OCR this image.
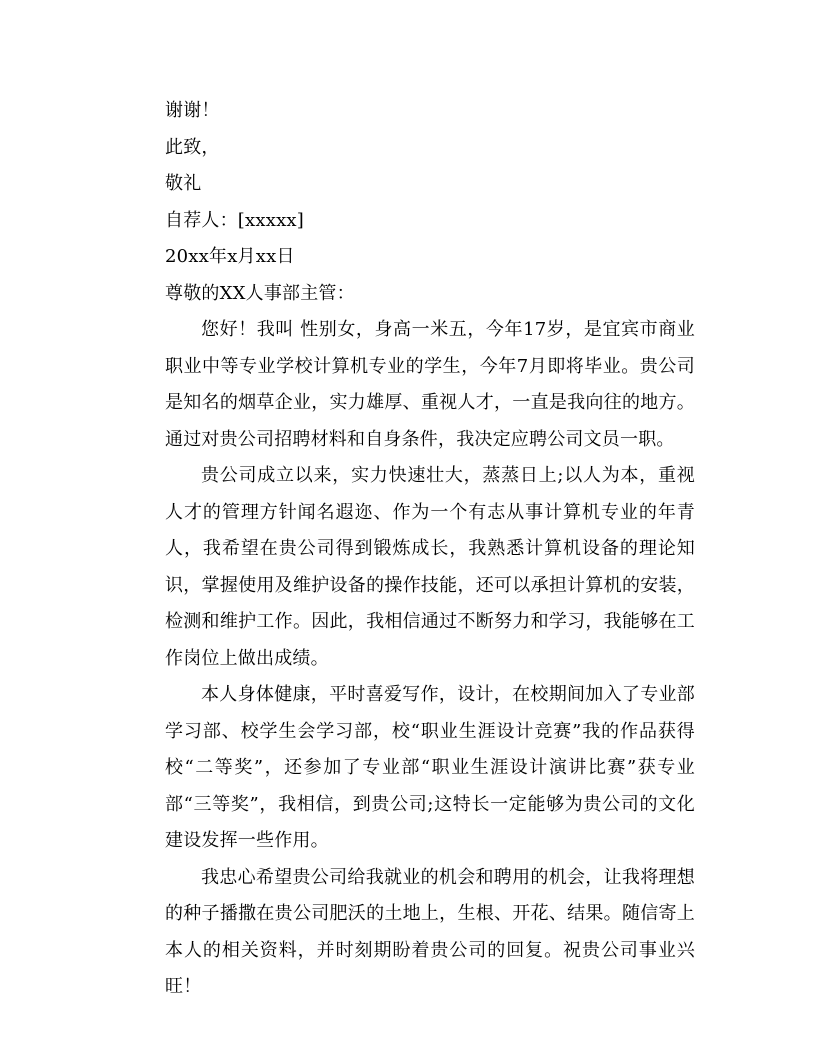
谢谢！

此致，

敬礼

自荐人：[xxxxx]

20xx年x月xx日

尊敬的XX人事部主管：

您好！我叫 性别女，身高一米五，今年17岁，是宜宾市商业职业中等专业学校计算机专业的学生，今年7月即将毕业。贵公司是知名的烟草企业，实力雄厚、重视人才，一直是我向往的地方。通过对贵公司招聘材料和自身条件，我决定应聘公司文员一职。

贵公司成立以来，实力快速壮大，蒸蒸日上;以人为本，重视人才的管理方针闻名遐迩、作为一个有志从事计算机专业的年青人，我希望在贵公司得到锻炼成长，我熟悉计算机设备的理论知识，掌握使用及维护设备的操作技能，还可以承担计算机的安装，检测和维护工作。因此，我相信通过不断努力和学习，我能够在工作岗位上做出成绩。

本人身体健康，平时喜爱写作，设计，在校期间加入了专业部学习部、校学生会学习部，校“职业生涯设计竞赛”我的作品获得校“二等奖”，还参加了专业部“职业生涯设计演讲比赛”获专业部“三等奖”，我相信，到贵公司;这特长一定能够为贵公司的文化建设发挥一些作用。

我忠心希望贵公司给我就业的机会和聘用的机会，让我将理想的种子播撒在贵公司肥沃的土地上，生根、开花、结果。随信寄上本人的相关资料，并时刻期盼着贵公司的回复。祝贵公司事业兴旺！
